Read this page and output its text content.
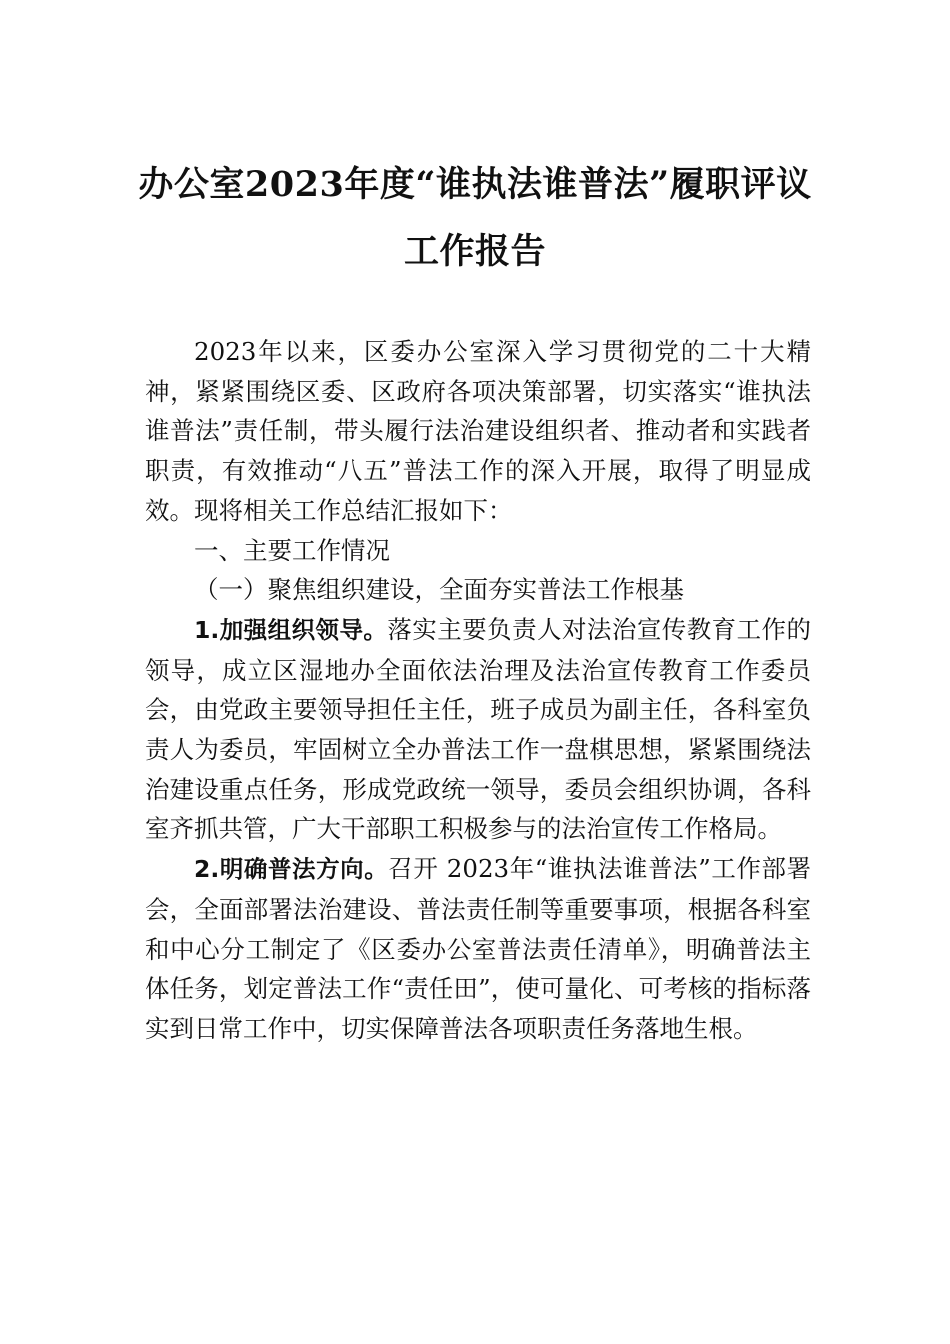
办公室2023年度“谁执法谁普法”履职评议
工作报告

2023年以来，区委办公室深入学习贯彻党的二十大精神，紧紧围绕区委、区政府各项决策部署，切实落实“谁执法谁普法”责任制，带头履行法治建设组织者、推动者和实践者职责，有效推动“八五”普法工作的深入开展，取得了明显成效。现将相关工作总结汇报如下：

一、主要工作情况

（一）聚焦组织建设，全面夯实普法工作根基

1.加强组织领导。落实主要负责人对法治宣传教育工作的领导，成立区湿地办全面依法治理及法治宣传教育工作委员会，由党政主要领导担任主任，班子成员为副主任，各科室负责人为委员，牢固树立全办普法工作一盘棋思想，紧紧围绕法治建设重点任务，形成党政统一领导，委员会组织协调，各科室齐抓共管，广大干部职工积极参与的法治宣传工作格局。

2.明确普法方向。召开 2023年“谁执法谁普法”工作部署会，全面部署法治建设、普法责任制等重要事项，根据各科室和中心分工制定了《区委办公室普法责任清单》，明确普法主体任务，划定普法工作“责任田”，使可量化、可考核的指标落实到日常工作中，切实保障普法各项职责任务落地生根。
